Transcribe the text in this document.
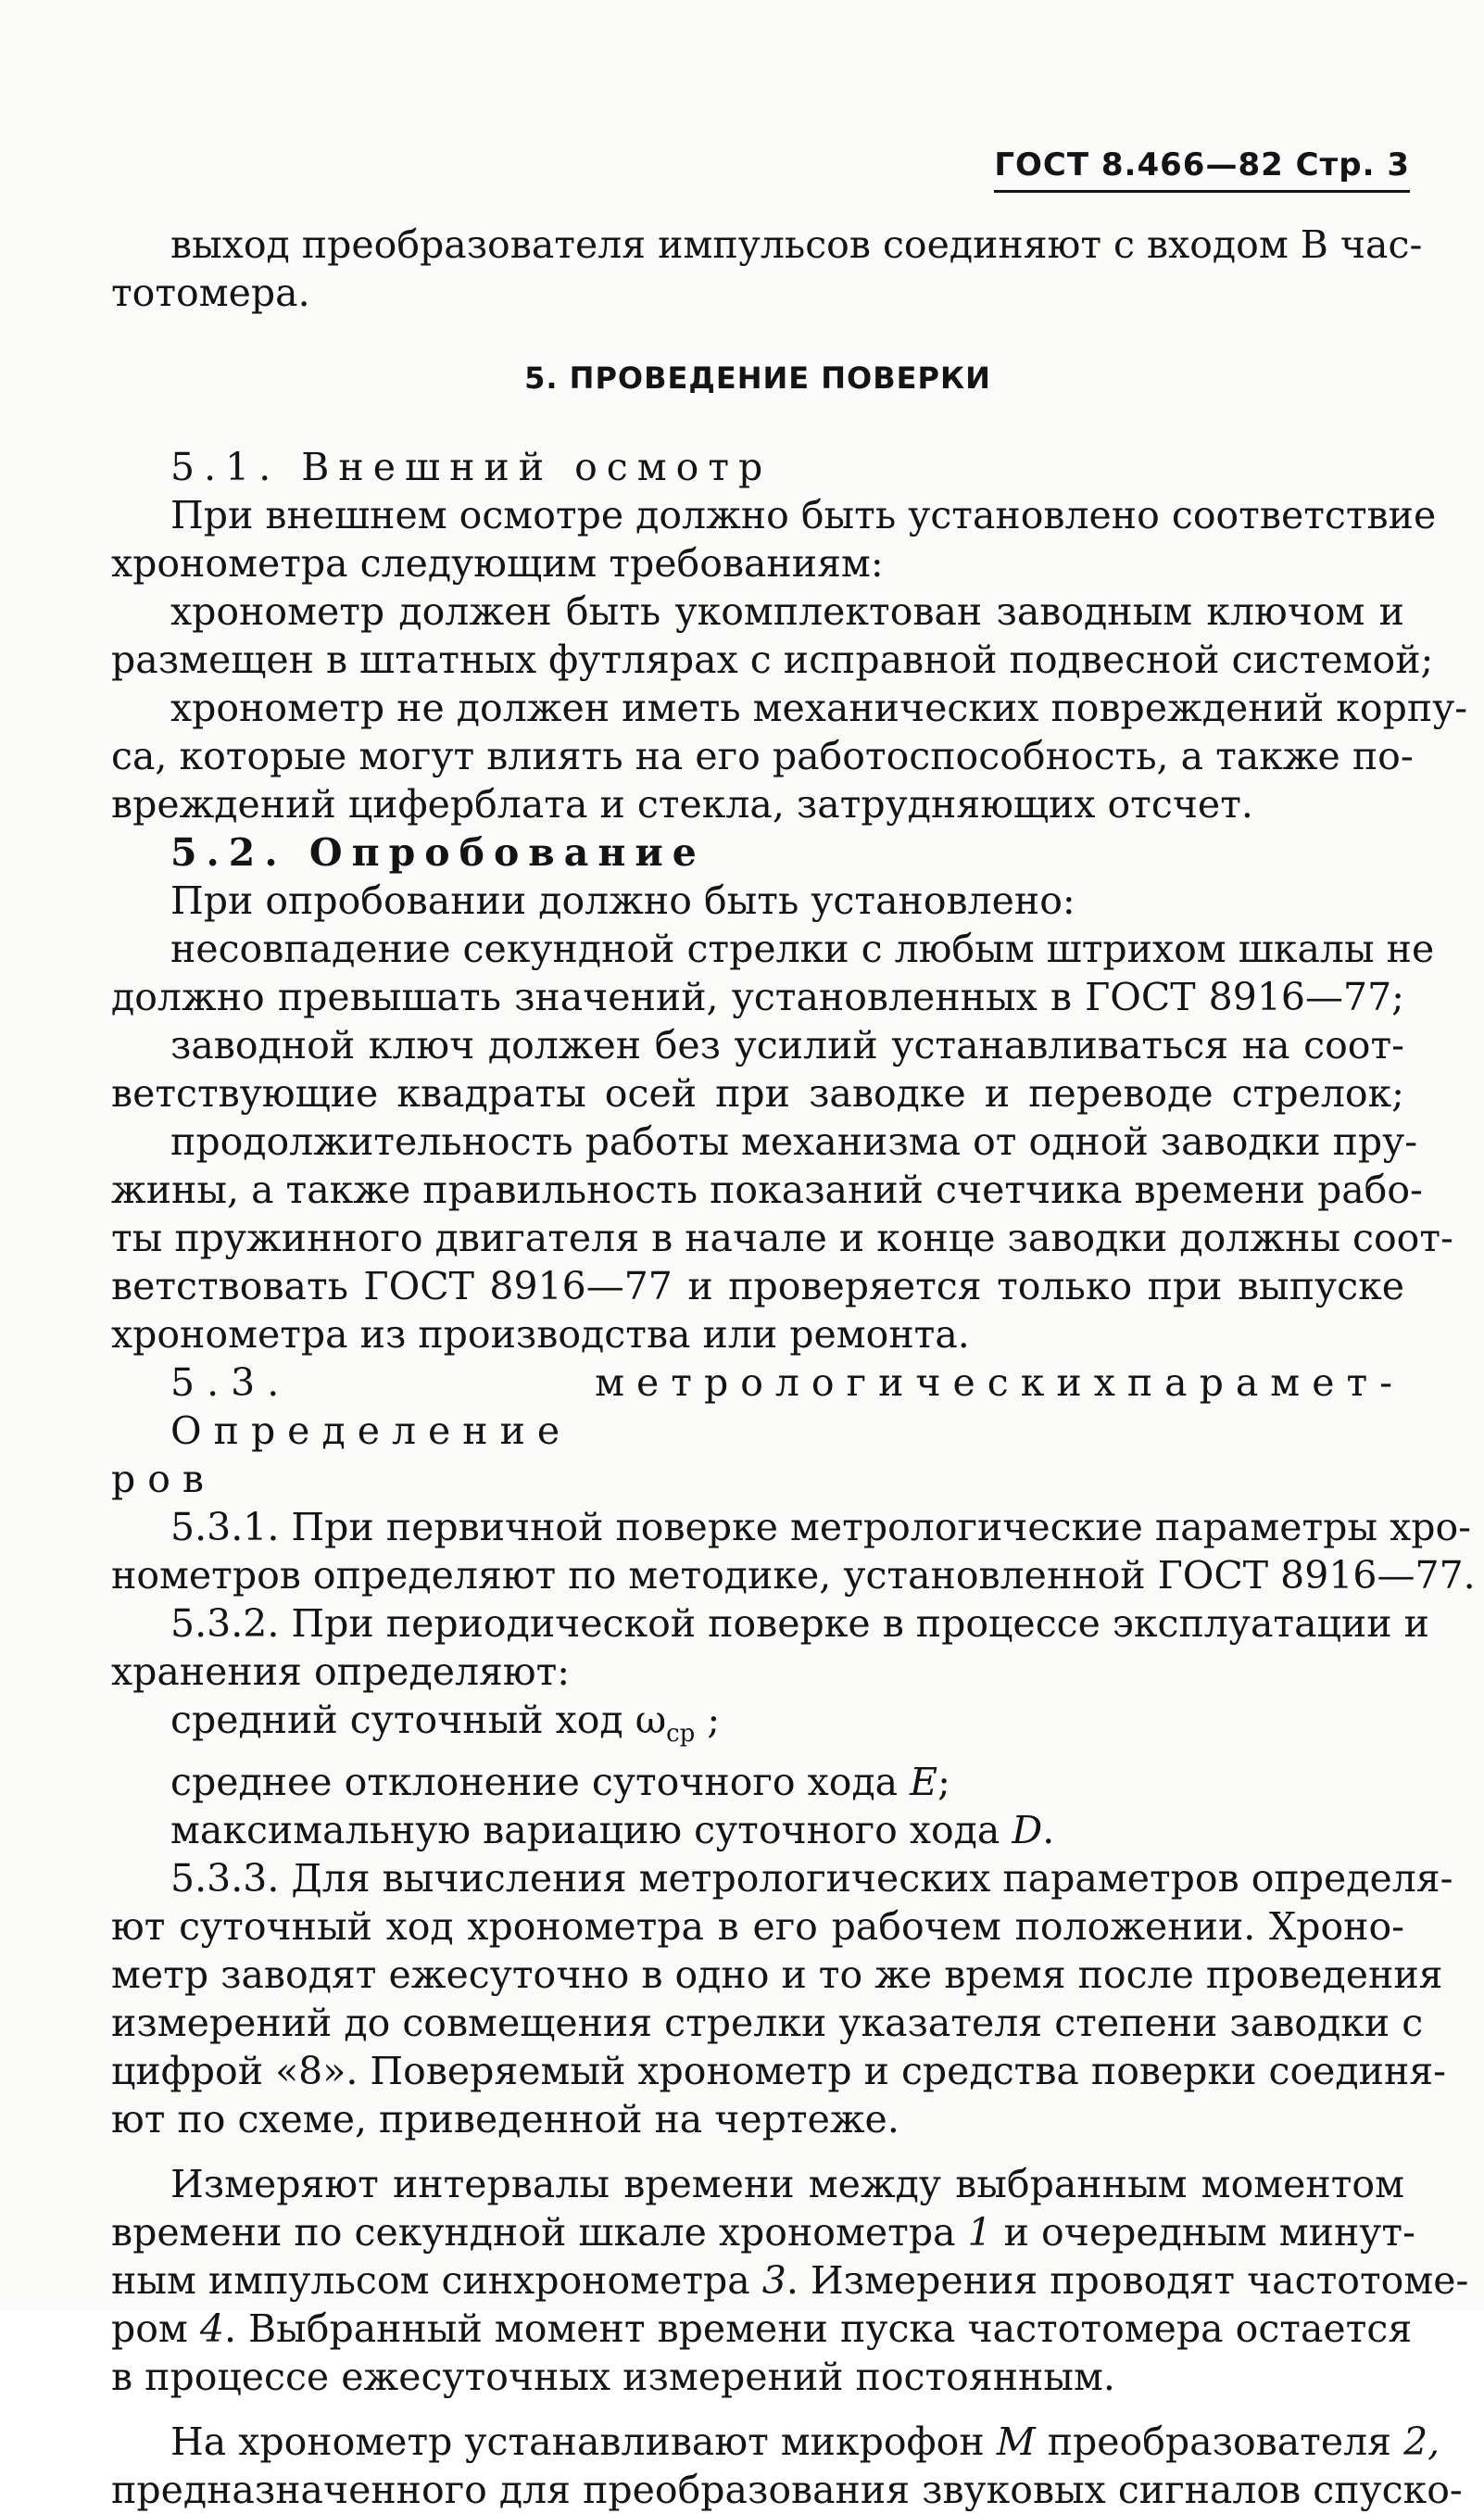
ГОСТ 8.466—82 Стр. 3
выход преобразователя импульсов соединяют с входом В час-
тотомера.
5. ПРОВЕДЕНИЕ ПОВЕРКИ
5.1. Внешний осмотр
При внешнем осмотре должно быть установлено соответствие
хронометра следующим требованиям:
хронометр должен быть укомплектован заводным ключом и
размещен в штатных футлярах с исправной подвесной системой;
хронометр не должен иметь механических повреждений корпу-
са, которые могут влиять на его работоспособность, а также по-
вреждений циферблата и стекла, затрудняющих отсчет.
5.2. Опробование
При опробовании должно быть установлено:
несовпадение секундной стрелки с любым штрихом шкалы не
должно превышать значений, установленных в ГОСТ 8916—77;
заводной ключ должен без усилий устанавливаться на соот-
ветствующие квадраты осей при заводке и переводе стрелок;
продолжительность работы механизма от одной заводки пру-
жины, а также правильность показаний счетчика времени рабо-
ты пружинного двигателя в начале и конце заводки должны соот-
ветствовать ГОСТ 8916—77 и проверяется только при выпуске
хронометра из производства или ремонта.
5.3. Определение
метрологических парамет-
ров
5.3.1. При первичной поверке метрологические параметры хро-
нометров определяют по методике, установленной ГОСТ 8916—77.
5.3.2. При периодической поверке в процессе эксплуатации и
хранения определяют:
средний суточный ход $\omega_{ср}$ ;
среднее отклонение суточного хода E;
максимальную вариацию суточного хода D.
5.3.3. Для вычисления метрологических параметров определя-
ют суточный ход хронометра в его рабочем положении. Хроно-
метр заводят ежесуточно в одно и то же время после проведения
измерений до совмещения стрелки указателя степени заводки с
цифрой «8». Поверяемый хронометр и средства поверки соединя-
ют по схеме, приведенной на чертеже.
Измеряют интервалы времени между выбранным моментом
времени по секундной шкале хронометра 1 и очередным минут-
ным импульсом синхронометра 3. Измерения проводят частотоме-
ром 4. Выбранный момент времени пуска частотомера остается
в процессе ежесуточных измерений постоянным.
На хронометр устанавливают микрофон М преобразователя 2,
предназначенного для преобразования звуковых сигналов спуско-
